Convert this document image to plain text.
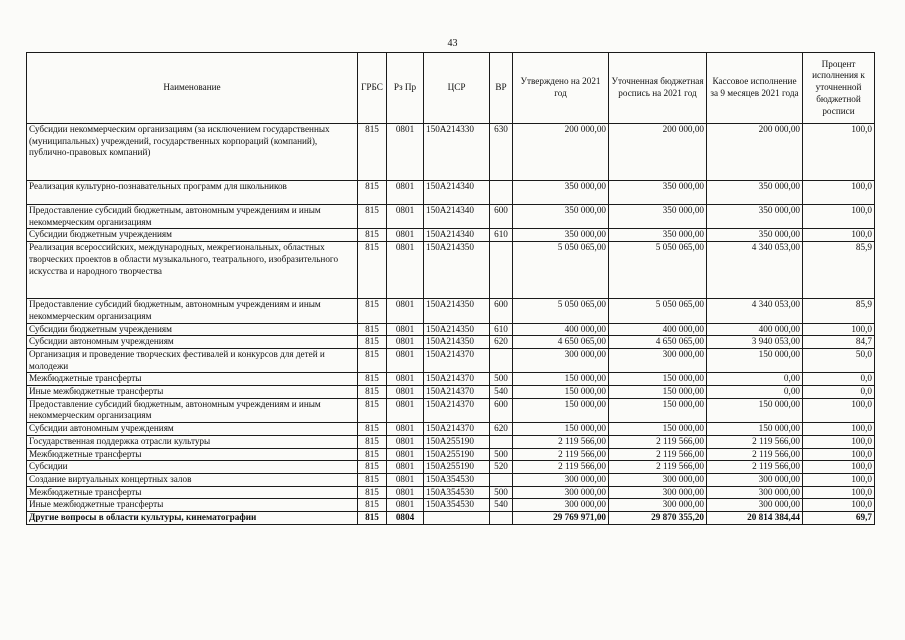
43
Наименование	ГРБС	Рз Пр	ЦСР	ВР	Утверждено на 2021 год	Уточненная бюджетная роспись на 2021 год	Кассовое исполнение за 9 месяцев 2021 года	Процент исполнения к уточненной бюджетной росписи
Субсидии некоммерческим организациям (за исключением государственных (муниципальных) учреждений, государственных корпораций (компаний), публично-правовых компаний)	815	0801	150А214330	630	200 000,00	200 000,00	200 000,00	100,0
Реализация культурно-познавательных программ для школьников	815	0801	150А214340		350 000,00	350 000,00	350 000,00	100,0
Предоставление субсидий бюджетным, автономным учреждениям и иным некоммерческим организациям	815	0801	150А214340	600	350 000,00	350 000,00	350 000,00	100,0
Субсидии бюджетным учреждениям	815	0801	150А214340	610	350 000,00	350 000,00	350 000,00	100,0
Реализация всероссийских, международных, межрегиональных, областных творческих проектов в области музыкального, театрального, изобразительного искусства и народного творчества	815	0801	150А214350		5 050 065,00	5 050 065,00	4 340 053,00	85,9
Предоставление субсидий бюджетным, автономным учреждениям и иным некоммерческим организациям	815	0801	150А214350	600	5 050 065,00	5 050 065,00	4 340 053,00	85,9
Субсидии бюджетным учреждениям	815	0801	150А214350	610	400 000,00	400 000,00	400 000,00	100,0
Субсидии автономным учреждениям	815	0801	150А214350	620	4 650 065,00	4 650 065,00	3 940 053,00	84,7
Организация и проведение творческих фестивалей и конкурсов для детей и молодежи	815	0801	150А214370		300 000,00	300 000,00	150 000,00	50,0
Межбюджетные трансферты	815	0801	150А214370	500	150 000,00	150 000,00	0,00	0,0
Иные межбюджетные трансферты	815	0801	150А214370	540	150 000,00	150 000,00	0,00	0,0
Предоставление субсидий бюджетным, автономным учреждениям и иным некоммерческим организациям	815	0801	150А214370	600	150 000,00	150 000,00	150 000,00	100,0
Субсидии автономным учреждениям	815	0801	150А214370	620	150 000,00	150 000,00	150 000,00	100,0
Государственная поддержка отрасли культуры	815	0801	150А255190		2 119 566,00	2 119 566,00	2 119 566,00	100,0
Межбюджетные трансферты	815	0801	150А255190	500	2 119 566,00	2 119 566,00	2 119 566,00	100,0
Субсидии	815	0801	150А255190	520	2 119 566,00	2 119 566,00	2 119 566,00	100,0
Создание виртуальных концертных залов	815	0801	150А354530		300 000,00	300 000,00	300 000,00	100,0
Межбюджетные трансферты	815	0801	150А354530	500	300 000,00	300 000,00	300 000,00	100,0
Иные межбюджетные трансферты	815	0801	150А354530	540	300 000,00	300 000,00	300 000,00	100,0
Другие вопросы в области культуры, кинематографии	815	0804			29 769 971,00	29 870 355,20	20 814 384,44	69,7
